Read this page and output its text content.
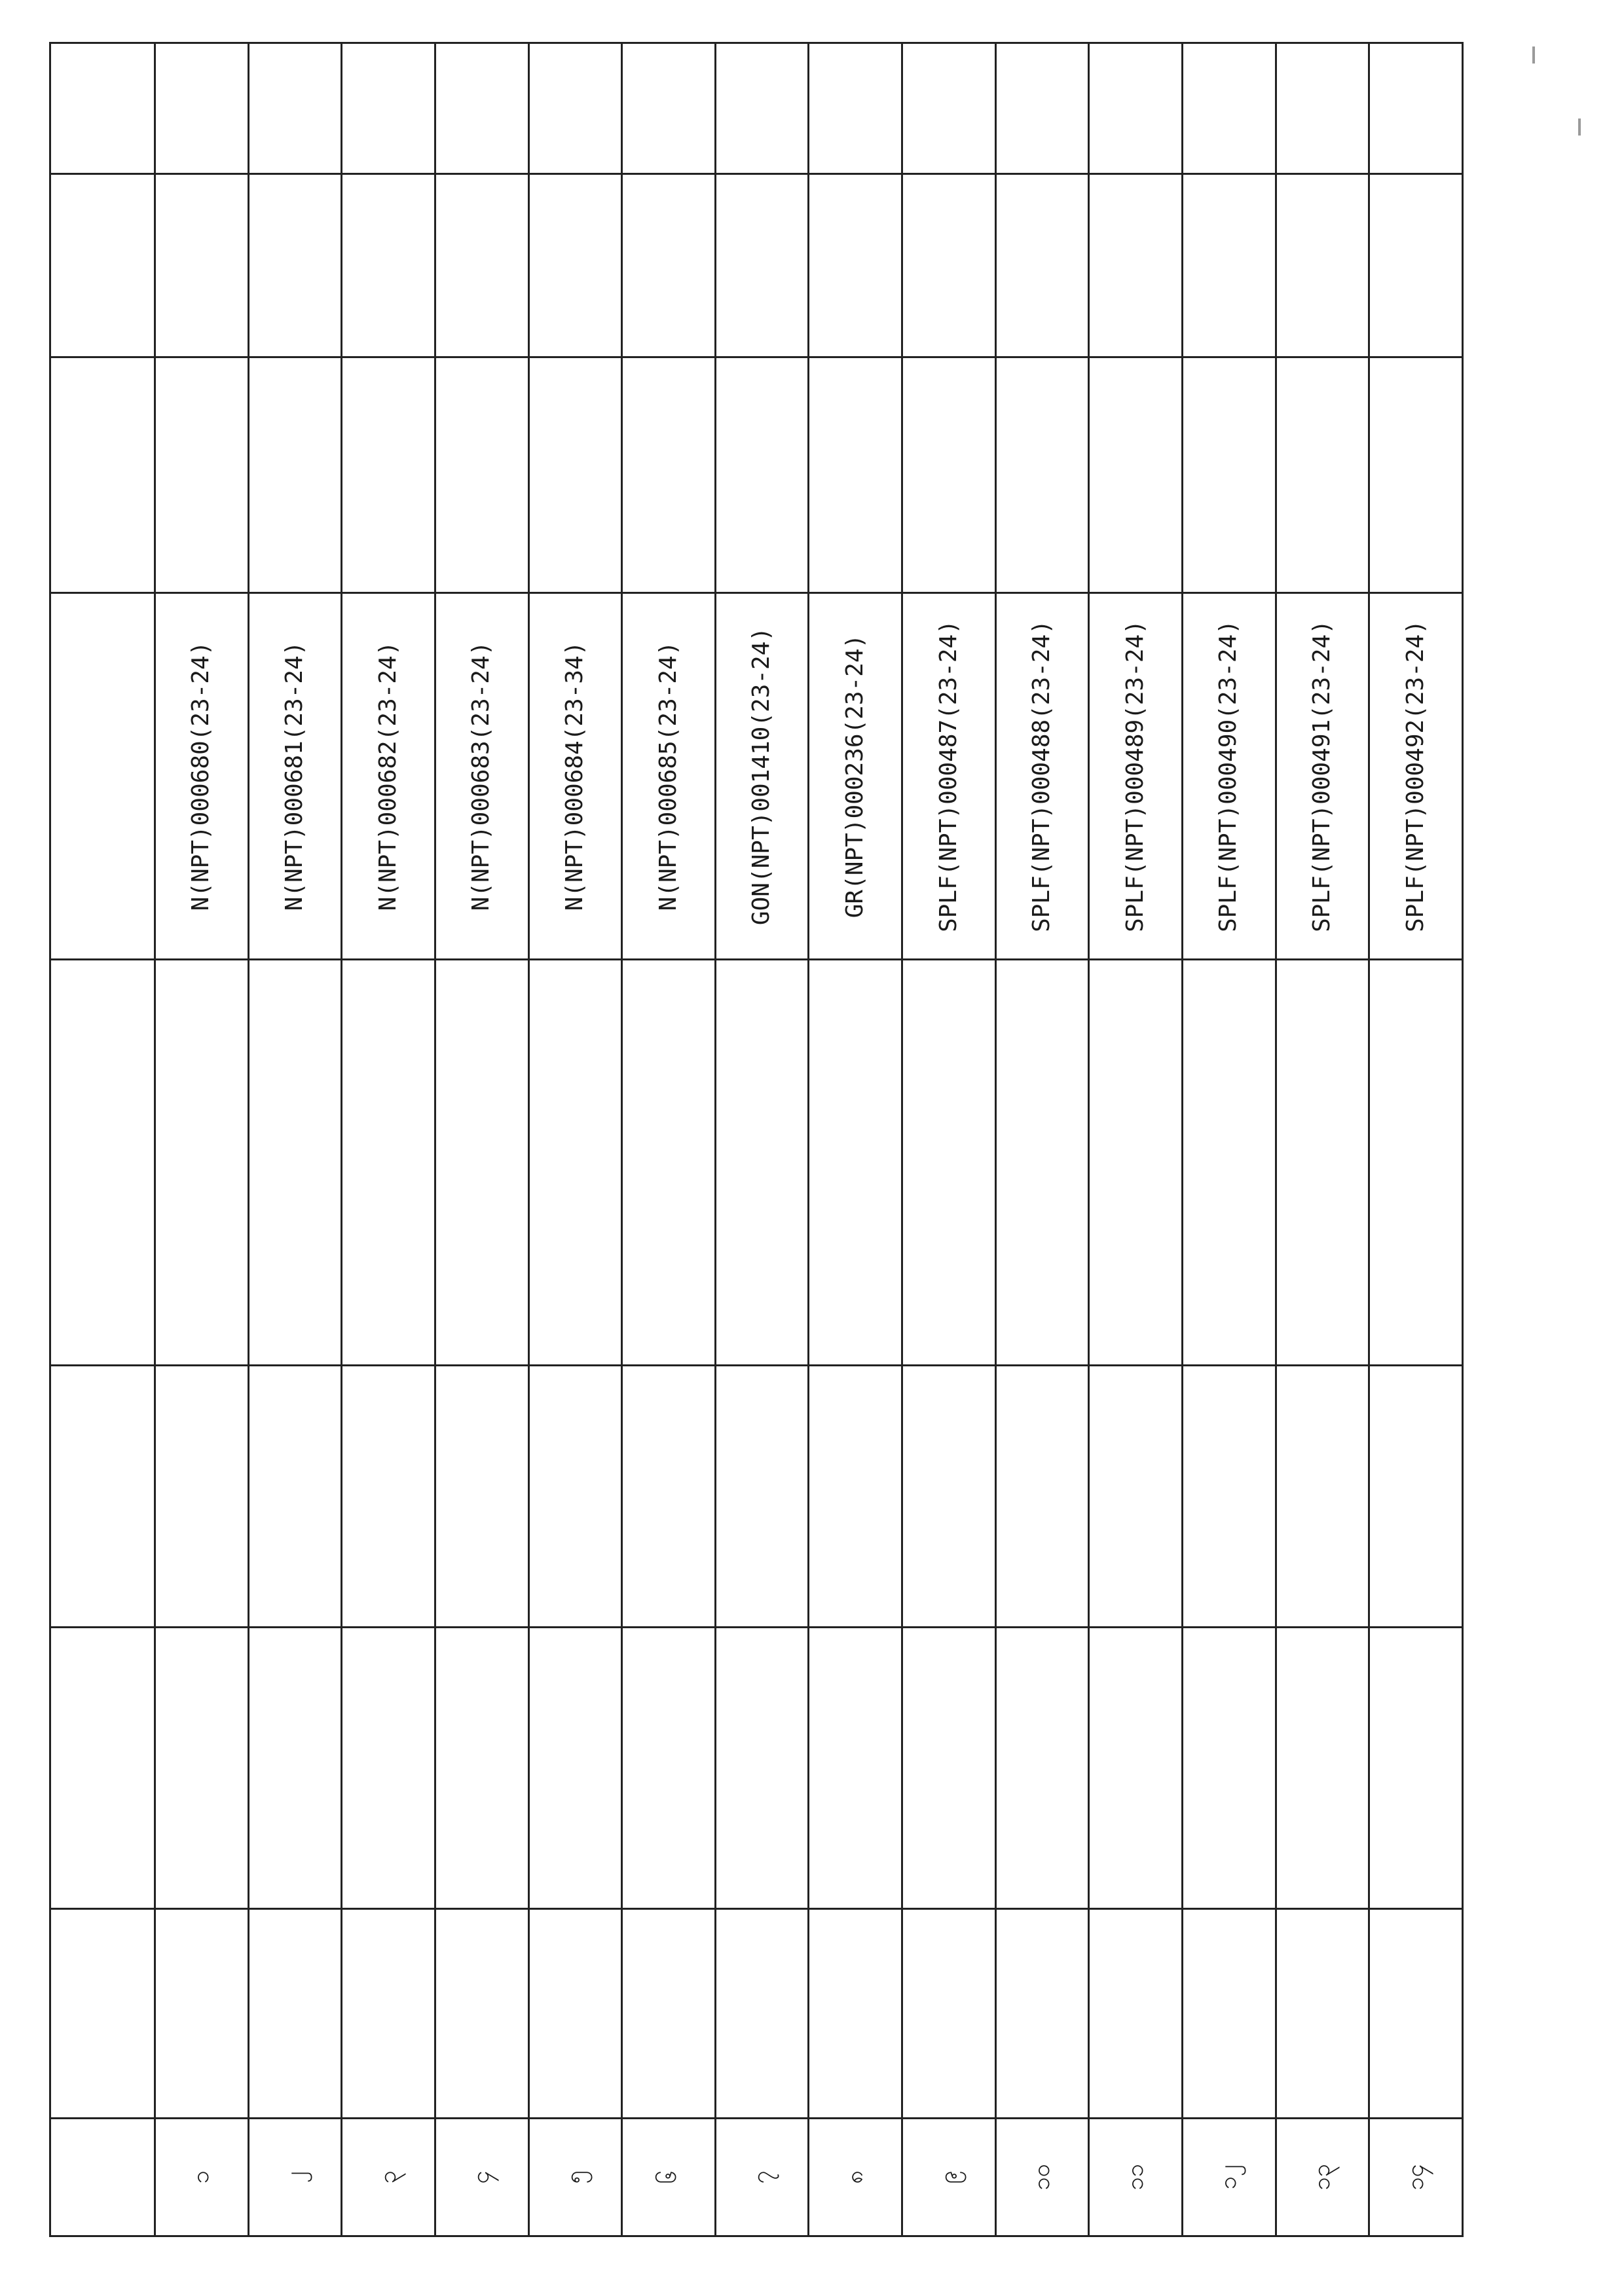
၁					N(NPT)000680(23-24)			
၂					N(NPT)000681(23-24)			
၃					N(NPT)000682(23-24)			
၄					N(NPT)000683(23-24)			
၅					N(NPT)000684(23-34)			
၆					N(NPT)000685(23-24)			
၇					GON(NPT)001410(23-24)			
၈					GR(NPT)000236(23-24)			
၉					SPLF(NPT)000487(23-24)			
၁၀					SPLF(NPT)000488(23-24)			
၁၁					SPLF(NPT)000489(23-24)			
၁၂					SPLF(NPT)000490(23-24)			
၁၃					SPLF(NPT)000491(23-24)			
၁၄					SPLF(NPT)000492(23-24)			
